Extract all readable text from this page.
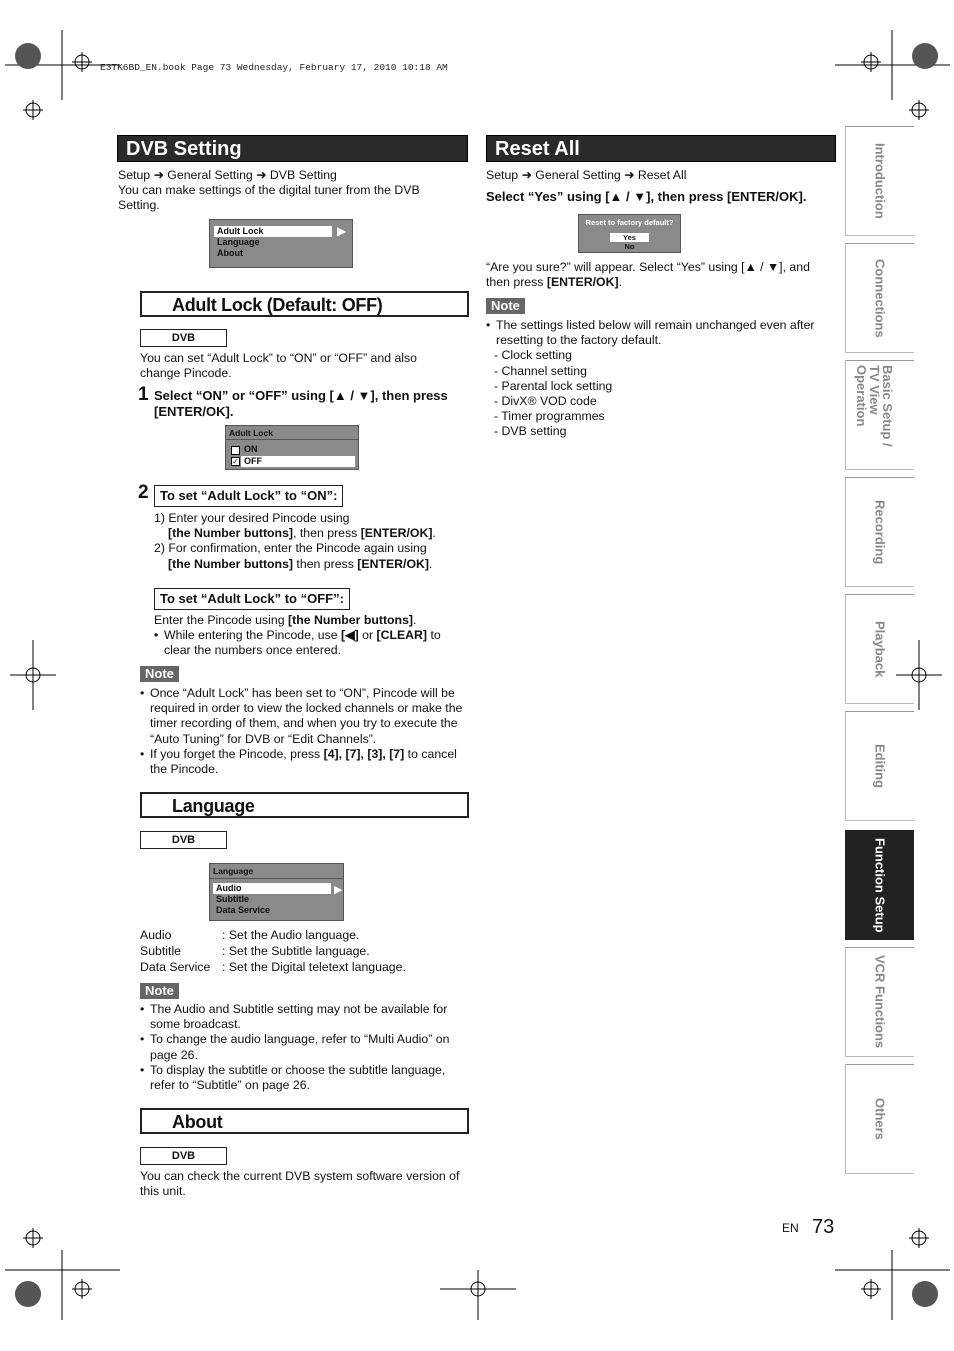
E3TK6BD_EN.book Page 73 Wednesday, February 17, 2010 10:18 AM
DVB Setting
Setup ➜ General Setting ➜ DVB Setting
You can make settings of the digital tuner from the DVB Setting.
Adult Lock
Language
About
▶
Adult Lock (Default: OFF)
DVB
You can set “Adult Lock” to “ON” or “OFF” and also change Pincode.
1 Select “ON” or “OFF” using [▲ / ▼], then press [ENTER/OK].
Adult Lock
ON
✓ OFF
2 To set “Adult Lock” to “ON”:
1) Enter your desired Pincode using
[the Number buttons], then press [ENTER/OK].
2) For confirmation, enter the Pincode again using
[the Number buttons] then press [ENTER/OK].
To set “Adult Lock” to “OFF”:
Enter the Pincode using [the Number buttons].
• While entering the Pincode, use [◀] or [CLEAR] to clear the numbers once entered.
Note
• Once “Adult Lock” has been set to “ON”, Pincode will be required in order to view the locked channels or make the timer recording of them, and when you try to execute the “Auto Tuning” for DVB or “Edit Channels”.
• If you forget the Pincode, press [4], [7], [3], [7] to cancel the Pincode.
Language
DVB
Language
Audio
Subtitle
Data Service
▶
Audio	: Set the Audio language.
Subtitle	: Set the Subtitle language.
Data Service : Set the Digital teletext language.
Note
• The Audio and Subtitle setting may not be available for some broadcast.
• To change the audio language, refer to “Multi Audio” on page 26.
• To display the subtitle or choose the subtitle language, refer to “Subtitle” on page 26.
About
DVB
You can check the current DVB system software version of this unit.
Reset All
Setup ➜ General Setting ➜ Reset All
Select “Yes” using [▲ / ▼], then press [ENTER/OK].
Reset to factory default?
Yes
No
“Are you sure?” will appear. Select “Yes” using [▲ / ▼], and then press [ENTER/OK].
Note
• The settings listed below will remain unchanged even after resetting to the factory default.
- Clock setting
- Channel setting
- Parental lock setting
- DivX® VOD code
- Timer programmes
- DVB setting
Introduction
Connections
Basic Setup / TV View Operation
Recording
Playback
Editing
Function Setup
VCR Functions
Others
EN 73
